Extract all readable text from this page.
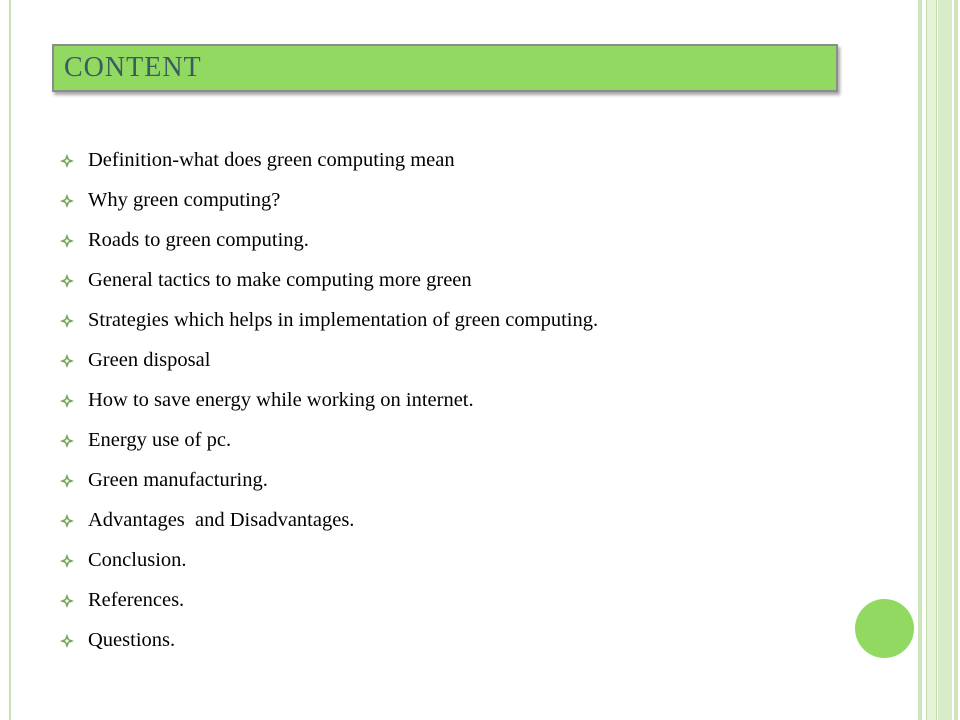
CONTENT
Definition-what does green computing mean
Why green computing?
Roads to green computing.
General tactics to make computing more green
Strategies which helps in implementation of green computing.
Green disposal
How to save energy while working on internet.
Energy use of pc.
Green manufacturing.
Advantages  and Disadvantages.
Conclusion.
References.
Questions.
